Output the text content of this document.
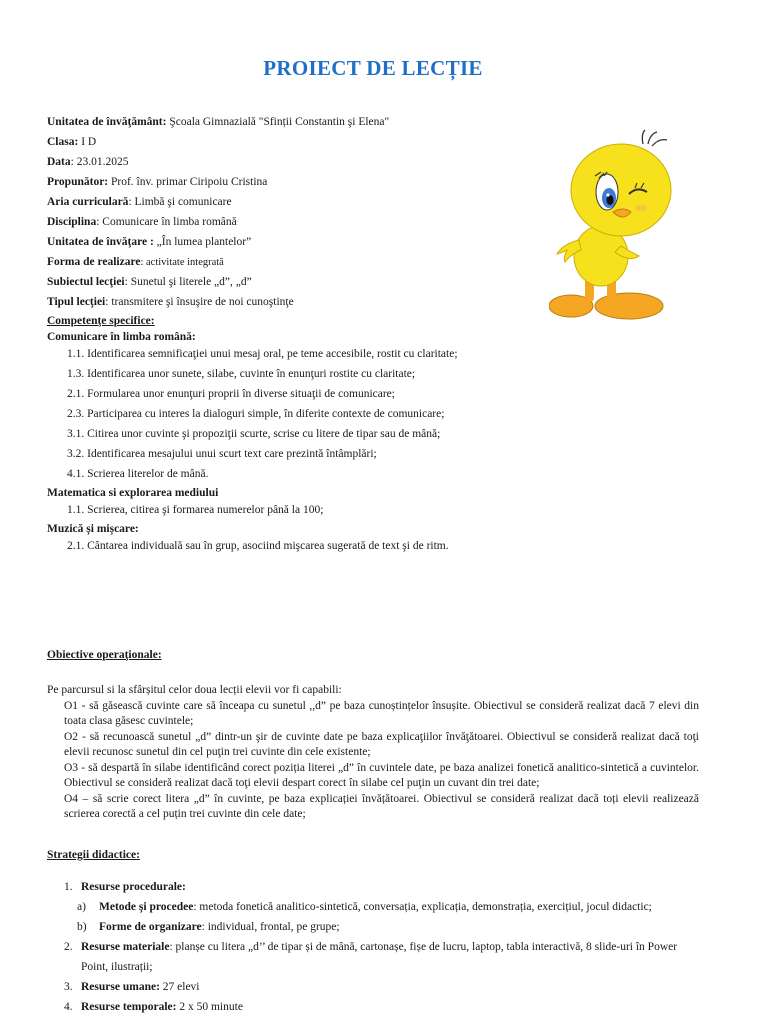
PROIECT DE LECȚIE
Unitatea de învăţământ: Şcoala Gimnazială "Sfinții Constantin şi Elena"
Clasa: I D
Data: 23.01.2025
Propunător: Prof. înv. primar Ciripoiu Cristina
Aria curriculară: Limbă şi comunicare
Disciplina: Comunicare în limba română
Unitatea de învăţare : „În lumea plantelor”
Forma de realizare: activitate integrată
Subiectul lecţiei: Sunetul şi literele „d”, „d”
Tipul lecţiei: transmitere şi însuşire de noi cunoştinţe
Competenţe specifice:
Comunicare în limba română:
1.1. Identificarea semnificaţiei unui mesaj oral, pe teme accesibile, rostit cu claritate;
1.3. Identificarea unor sunete, silabe, cuvinte în enunţuri rostite cu claritate;
2.1. Formularea unor enunţuri proprii în diverse situaţii de comunicare;
2.3. Participarea cu interes la dialoguri simple, în diferite contexte de comunicare;
3.1. Citirea unor cuvinte şi propoziţii scurte, scrise cu litere de tipar sau de mână;
3.2. Identificarea mesajului unui scurt text care prezintă întâmplări;
4.1. Scrierea literelor de mână.
Matematica si explorarea mediului
1.1. Scrierea, citirea şi formarea numerelor până la 100;
Muzică și mișcare:
2.1. Cântarea individuală sau în grup, asociind mişcarea sugerată de text şi de ritm.
Obiective operaţionale:
Pe parcursul si la sfârșitul celor doua lecții elevii vor fi capabili:
O1 - să găsească cuvinte care să înceapa cu sunetul ,,d” pe baza cunoștințelor însușite. Obiectivul se consideră realizat dacă 7 elevi din toata clasa găsesc cuvintele;
O2 - să recunoască sunetul „d” dintr-un şir de cuvinte date pe baza explicaţiilor învăţătoarei. Obiectivul se consideră realizat dacă toţi elevii recunosc sunetul din cel puţin trei cuvinte din cele existente;
O3 - să despartă în silabe identificând corect poziția literei „d” în cuvintele date, pe baza analizei fonetică analitico-sintetică a cuvintelor. Obiectivul se consideră realizat dacă toţi elevii despart corect în silabe cel puţin un cuvant din trei date;
O4 – să scrie corect litera „d” în cuvinte, pe baza explicației învățătoarei. Obiectivul se consideră realizat dacă toți elevii realizează scrierea corectă a cel puțin trei cuvinte din cele date;
Strategii didactice:
1. Resurse procedurale:
a) Metode şi procedee: metoda fonetică analitico-sintetică, conversația, explicația, demonstrația, exercițiul, jocul didactic;
b) Forme de organizare: individual, frontal, pe grupe;
2. Resurse materiale: planșe cu litera „d’’ de tipar și de mână, cartonașe, fișe de lucru, laptop, tabla interactivă, 8 slide-uri în Power Point, ilustrații;
3. Resurse umane: 27 elevi
4. Resurse temporale: 2 x 50 minute
